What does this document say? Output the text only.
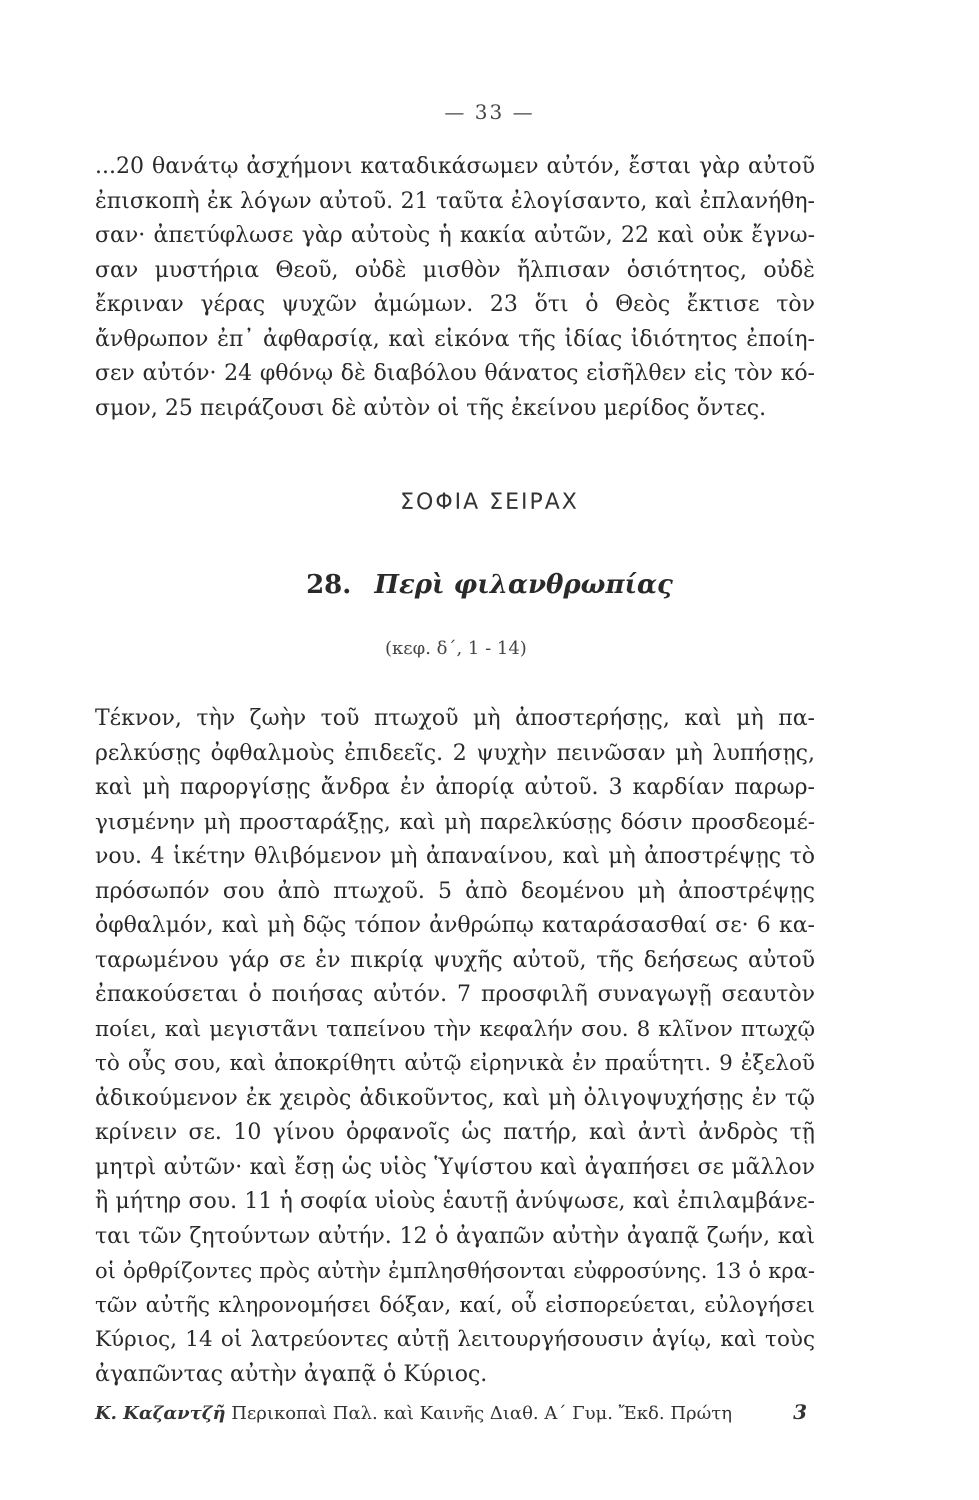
— 33 —
...20 θανάτῳ ἀσχήμονι καταδικάσωμεν αὐτόν, ἔσται γὰρ αὐτοῦ
ἐπισκοπὴ ἐκ λόγων αὐτοῦ. 21 ταῦτα ἐλογίσαντο, καὶ ἐπλανήθη-
σαν· ἀπετύφλωσε γὰρ αὐτοὺς ἡ κακία αὐτῶν, 22 καὶ οὐκ ἔγνω-
σαν μυστήρια Θεοῦ, οὐδὲ μισθὸν ἤλπισαν ὁσιότητος, οὐδὲ
ἔκριναν γέρας ψυχῶν ἀμώμων. 23 ὅτι ὁ Θεὸς ἔκτισε τὸν
ἄνθρωπον ἐπ᾽ ἀφθαρσίᾳ, καὶ εἰκόνα τῆς ἰδίας ἰδιότητος ἐποίη-
σεν αὐτόν· 24 φθόνῳ δὲ διαβόλου θάνατος εἰσῆλθεν εἰς τὸν κό-
σμον, 25 πειράζουσι δὲ αὐτὸν οἱ τῆς ἐκείνου μερίδος ὄντες.
ΣΟΦΙΑ ΣΕΙΡΑΧ
28. Περὶ φιλανθρωπίας
(κεφ. δ΄, 1 - 14)
Τέκνον, τὴν ζωὴν τοῦ πτωχοῦ μὴ ἀποστερήσῃς, καὶ μὴ πα-
ρελκύσῃς ὀφθαλμοὺς ἐπιδεεῖς. 2 ψυχὴν πεινῶσαν μὴ λυπήσῃς,
καὶ μὴ παροργίσῃς ἄνδρα ἐν ἀπορίᾳ αὐτοῦ. 3 καρδίαν παρωρ-
γισμένην μὴ προσταράξῃς, καὶ μὴ παρελκύσῃς δόσιν προσδεομέ-
νου. 4 ἱκέτην θλιβόμενον μὴ ἀπαναίνου, καὶ μὴ ἀποστρέψῃς τὸ
πρόσωπόν σου ἀπὸ πτωχοῦ. 5 ἀπὸ δεομένου μὴ ἀποστρέψῃς
ὀφθαλμόν, καὶ μὴ δῷς τόπον ἀνθρώπῳ καταράσασθαί σε· 6 κα-
ταρωμένου γάρ σε ἐν πικρίᾳ ψυχῆς αὐτοῦ, τῆς δεήσεως αὐτοῦ
ἐπακούσεται ὁ ποιήσας αὐτόν. 7 προσφιλῆ συναγωγῇ σεαυτὸν
ποίει, καὶ μεγιστᾶνι ταπείνου τὴν κεφαλήν σου. 8 κλῖνον πτωχῷ
τὸ οὖς σου, καὶ ἀποκρίθητι αὐτῷ εἰρηνικὰ ἐν πραΰτητι. 9 ἐξελοῦ
ἀδικούμενον ἐκ χειρὸς ἀδικοῦντος, καὶ μὴ ὀλιγοψυχήσῃς ἐν τῷ
κρίνειν σε. 10 γίνου ὀρφανοῖς ὡς πατήρ, καὶ ἀντὶ ἀνδρὸς τῇ
μητρὶ αὐτῶν· καὶ ἔσῃ ὡς υἱὸς Ὑψίστου καὶ ἀγαπήσει σε μᾶλλον
ἢ μήτηρ σου. 11 ἡ σοφία υἱοὺς ἑαυτῇ ἀνύψωσε, καὶ ἐπιλαμβάνε-
ται τῶν ζητούντων αὐτήν. 12 ὁ ἀγαπῶν αὐτὴν ἀγαπᾷ ζωήν, καὶ
οἱ ὀρθρίζοντες πρὸς αὐτὴν ἐμπλησθήσονται εὐφροσύνης. 13 ὁ κρα-
τῶν αὐτῆς κληρονομήσει δόξαν, καί, οὗ εἰσπορεύεται, εὐλογήσει
Κύριος, 14 οἱ λατρεύοντες αὐτῇ λειτουργήσουσιν ἁγίῳ, καὶ τοὺς
ἀγαπῶντας αὐτὴν ἀγαπᾷ ὁ Κύριος.
Κ. Καζαντζῆ Περικοπαὶ Παλ. καὶ Καινῆς Διαθ. Α΄ Γυμ. Ἔκδ. Πρώτη	3
